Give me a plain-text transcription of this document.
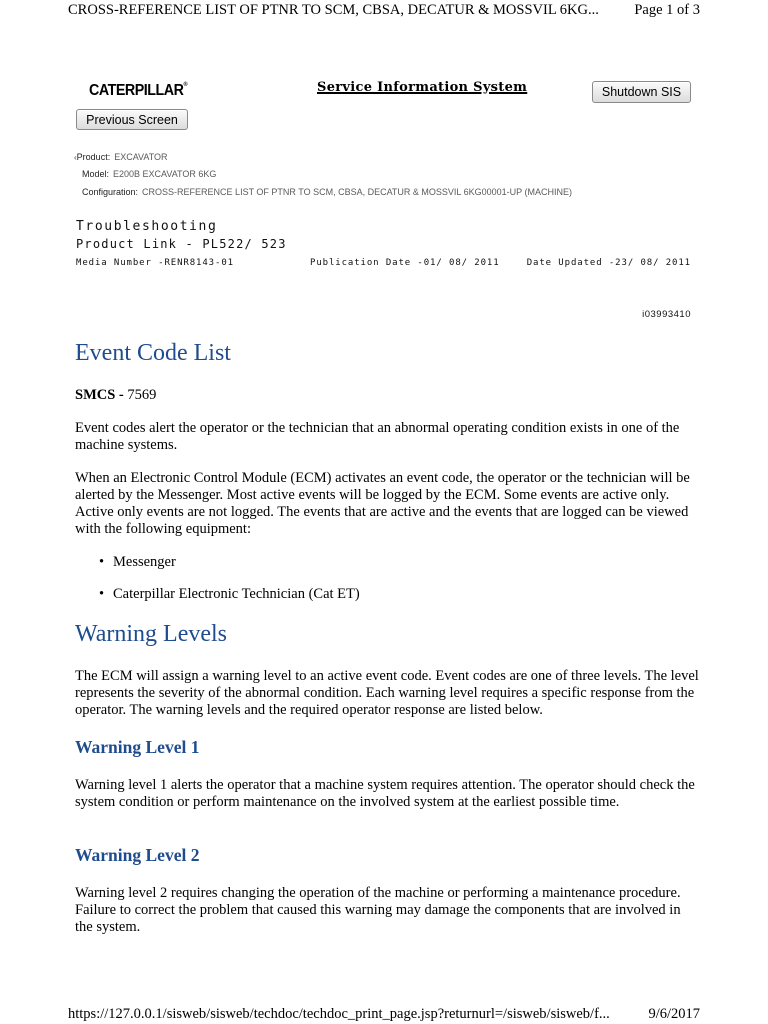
CROSS-REFERENCE LIST OF PTNR TO SCM, CBSA, DECATUR & MOSSVIL 6KG... Page 1 of 3
CATERPILLAR®	Service Information System	Shutdown SIS
Previous Screen
‹Product: EXCAVATOR
Model: E200B EXCAVATOR 6KG
Configuration: CROSS-REFERENCE LIST OF PTNR TO SCM, CBSA, DECATUR & MOSSVIL 6KG00001-UP (MACHINE)
Troubleshooting
Product Link - PL522/ 523
Media Number -RENR8143-01	Publication Date -01/ 08/ 2011	Date Updated -23/ 08/ 2011
i03993410
Event Code List
SMCS - 7569

Event codes alert the operator or the technician that an abnormal operating condition exists in one of the machine systems.

When an Electronic Control Module (ECM) activates an event code, the operator or the technician will be alerted by the Messenger. Most active events will be logged by the ECM. Some events are active only. Active only events are not logged. The events that are active and the events that are logged can be viewed with the following equipment:

• Messenger
• Caterpillar Electronic Technician (Cat ET)
Warning Levels

The ECM will assign a warning level to an active event code. Event codes are one of three levels. The level represents the severity of the abnormal condition. Each warning level requires a specific response from the operator. The warning levels and the required operator response are listed below.

Warning Level 1

Warning level 1 alerts the operator that a machine system requires attention. The operator should check the system condition or perform maintenance on the involved system at the earliest possible time.

Warning Level 2

Warning level 2 requires changing the operation of the machine or performing a maintenance procedure. Failure to correct the problem that caused this warning may damage the components that are involved in the system.

https://127.0.0.1/sisweb/sisweb/techdoc/techdoc_print_page.jsp?returnurl=/sisweb/sisweb/f...	9/6/2017
